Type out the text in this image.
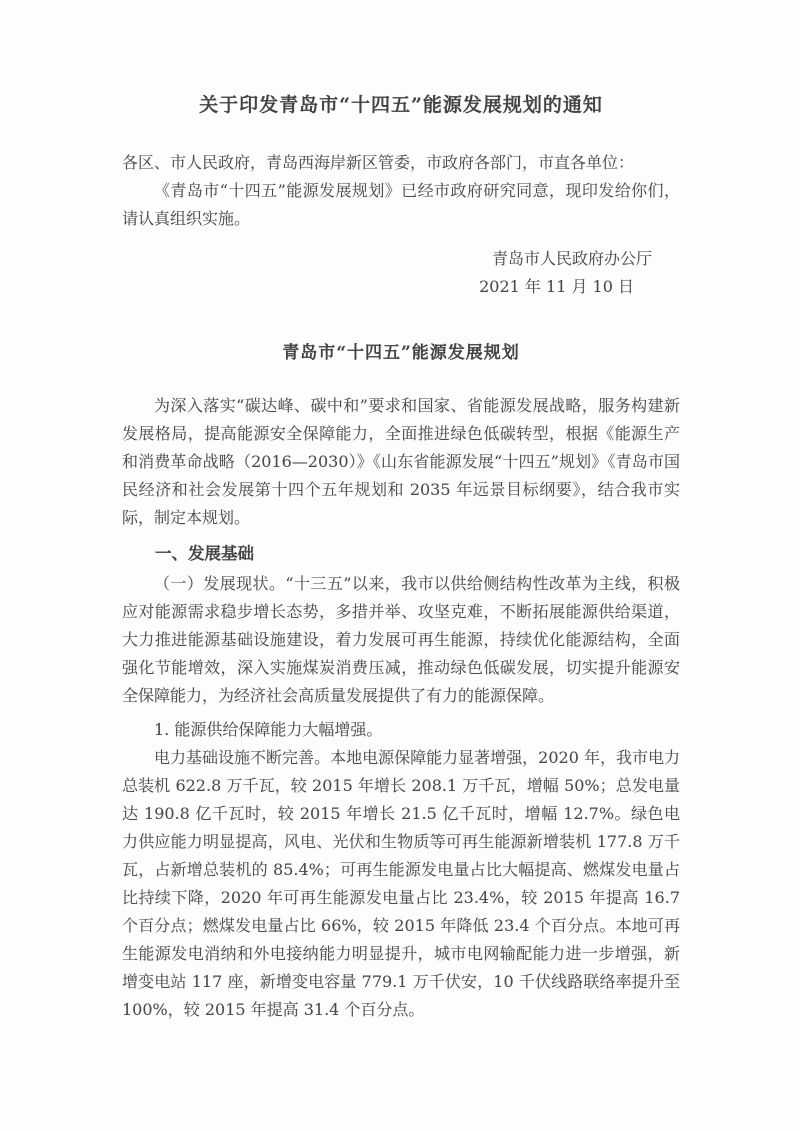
关于印发青岛市“十四五”能源发展规划的通知

各区、市人民政府，青岛西海岸新区管委，市政府各部门，市直各单位：

《青岛市“十四五”能源发展规划》已经市政府研究同意，现印发给你们，请认真组织实施。

青岛市人民政府办公厅
2021 年 11 月 10 日
青岛市“十四五”能源发展规划

为深入落实“碳达峰、碳中和”要求和国家、省能源发展战略，服务构建新发展格局，提高能源安全保障能力，全面推进绿色低碳转型，根据《能源生产和消费革命战略（2016—2030）》《山东省能源发展“十四五”规划》《青岛市国民经济和社会发展第十四个五年规划和 2035 年远景目标纲要》，结合我市实际，制定本规划。

一、发展基础

（一）发展现状。“十三五”以来，我市以供给侧结构性改革为主线，积极应对能源需求稳步增长态势，多措并举、攻坚克难，不断拓展能源供给渠道，大力推进能源基础设施建设，着力发展可再生能源，持续优化能源结构，全面强化节能增效，深入实施煤炭消费压减，推动绿色低碳发展，切实提升能源安全保障能力，为经济社会高质量发展提供了有力的能源保障。

1. 能源供给保障能力大幅增强。

电力基础设施不断完善。本地电源保障能力显著增强，2020 年，我市电力总装机 622.8 万千瓦，较 2015 年增长 208.1 万千瓦，增幅 50%；总发电量达 190.8 亿千瓦时，较 2015 年增长 21.5 亿千瓦时，增幅 12.7%。绿色电力供应能力明显提高，风电、光伏和生物质等可再生能源新增装机 177.8 万千瓦，占新增总装机的 85.4%；可再生能源发电量占比大幅提高、燃煤发电量占比持续下降，2020 年可再生能源发电量占比 23.4%，较 2015 年提高 16.7 个百分点；燃煤发电量占比 66%，较 2015 年降低 23.4 个百分点。本地可再生能源发电消纳和外电接纳能力明显提升，城市电网输配能力进一步增强，新增变电站 117 座，新增变电容量 779.1 万千伏安，10 千伏线路联络率提升至 100%，较 2015 年提高 31.4 个百分点。
